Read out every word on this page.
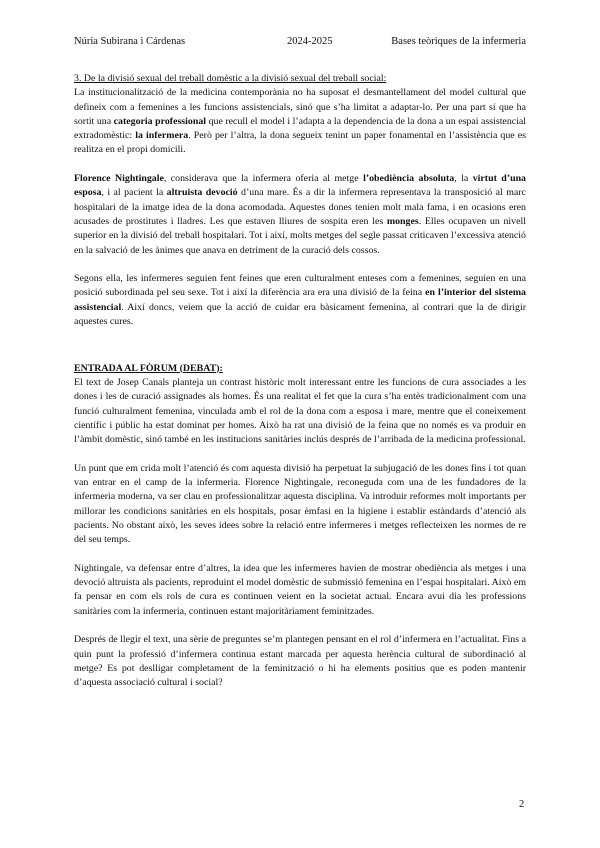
Núria Subirana i Cárdenas	2024-2025	Bases teòriques de la infermeria
3. De la divisió sexual del treball domèstic a la divisió sexual del treball social:

La institucionalització de la medicina contemporània no ha suposat el desmantellament del model cultural que defineix com a femenines a les funcions assistencials, sinó que s’ha limitat a adaptar-lo. Per una part sí que ha sortit una categoria professional que recull el model i l’adapta a la dependencia de la dona a un espai assistencial extradomèstic: la infermera. Però per l’altra, la dona segueix tenint un paper fonamental en l’assistència que es realitza en el propi domicili.

Florence Nightingale, considerava que la infermera oferia al metge l’obediència absoluta, la virtut d’una esposa, i al pacient la altruista devoció d’una mare. És a dir la infermera representava la transposició al marc hospitalari de la imatge idea de la dona acomodada. Aquestes dones tenien molt mala fama, i en ocasions eren acusades de prostitutes i lladres. Les que estaven lliures de sospita eren les monges. Elles ocupaven un nivell superior en la divisió del treball hospitalari. Tot i així, molts metges del segle passat criticaven l’excessiva atenció en la salvació de les ànimes que anava en detriment de la curació dels cossos.

Segons ella, les infermeres seguien fent feines que eren culturalment enteses com a femenines, seguien en una posició subordinada pel seu sexe. Tot i així la diferència ara era una divisió de la feina en l’interior del sistema assistencial. Així doncs, veiem que la acció de cuidar era bàsicament femenina, al contrari que la de dirigir aquestes cures.

ENTRADA AL FÒRUM (DEBAT):

El text de Josep Canals planteja un contrast històric molt interessant entre les funcions de cura associades a les dones i les de curació assignades als homes. És una realitat el fet que la cura s’ha entès tradicionalment com una funció culturalment femenina, vinculada amb el rol de la dona com a esposa i mare, mentre que el coneixement científic i públic ha estat dominat per homes. Això ha rat una divisió de la feina que no només es va produir en l’àmbit domèstic, sinó també en les institucions sanitàries inclús després de l’arribada de la medicina professional.

Un punt que em crida molt l’atenció és com aquesta divisió ha perpetuat la subjugació de les dones fins i tot quan van entrar en el camp de la infermeria. Florence Nightingale, reconeguda com una de les fundadores de la infermeria moderna, va ser clau en professionalitzar aquesta disciplina. Va introduir reformes molt importants per millorar les condicions sanitàries en els hospitals, posar èmfasi en la higiene i establir estàndards d’atenció als pacients. No obstant això, les seves idees sobre la relació entre infermeres i metges reflecteixen les normes de re del seu temps.

Nightingale, va defensar entre d’altres, la idea que les infermeres havien de mostrar obediència als metges i una devoció altruista als pacients, reproduint el model domèstic de submissió femenina en l’espai hospitalari. Això em fa pensar en com els rols de cura es continuen veient en la societat actual. Encara avui dia les professions sanitàries com la infermeria, continuen estant majoritàriament feminitzades.

Després de llegir el text, una sèrie de preguntes se’m plantegen pensant en el rol d’infermera en l’actualitat. Fins a quin punt la professió d’infermera continua estant marcada per aquesta herència cultural de subordinació al metge? Es pot deslligar completament de la feminització o hi ha elements positius que es poden mantenir d’aquesta associació cultural i social?

2
